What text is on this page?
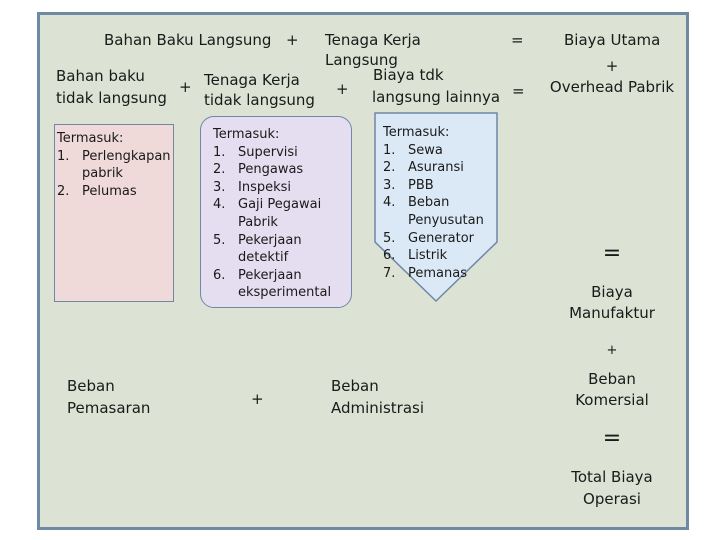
Bahan Baku Langsung + Tenaga Kerja
Langsung
=	Biaya Utama
Bahan baku
tidak langsung
+ Tenaga Kerja
tidak langsung
+
Biaya tdk
langsung lainnya =
+
Overhead Pabrik
Termasuk:
1. Perlengkapan pabrik
2. Pelumas
Termasuk:
1. Supervisi
2. Pengawas
3. Inspeksi
4. Gaji Pegawai Pabrik
5. Pekerjaan detektif
6. Pekerjaan eksperimental
Termasuk:
1. Sewa
2. Asuransi
3. PBB
4. Beban Penyusutan
5. Generator
6. Listrik
7. Pemanas
=
Biaya
Manufaktur
+
Beban
Pemasaran	+
Beban
Administrasi
Beban
Komersial
=
Total Biaya
Operasi
